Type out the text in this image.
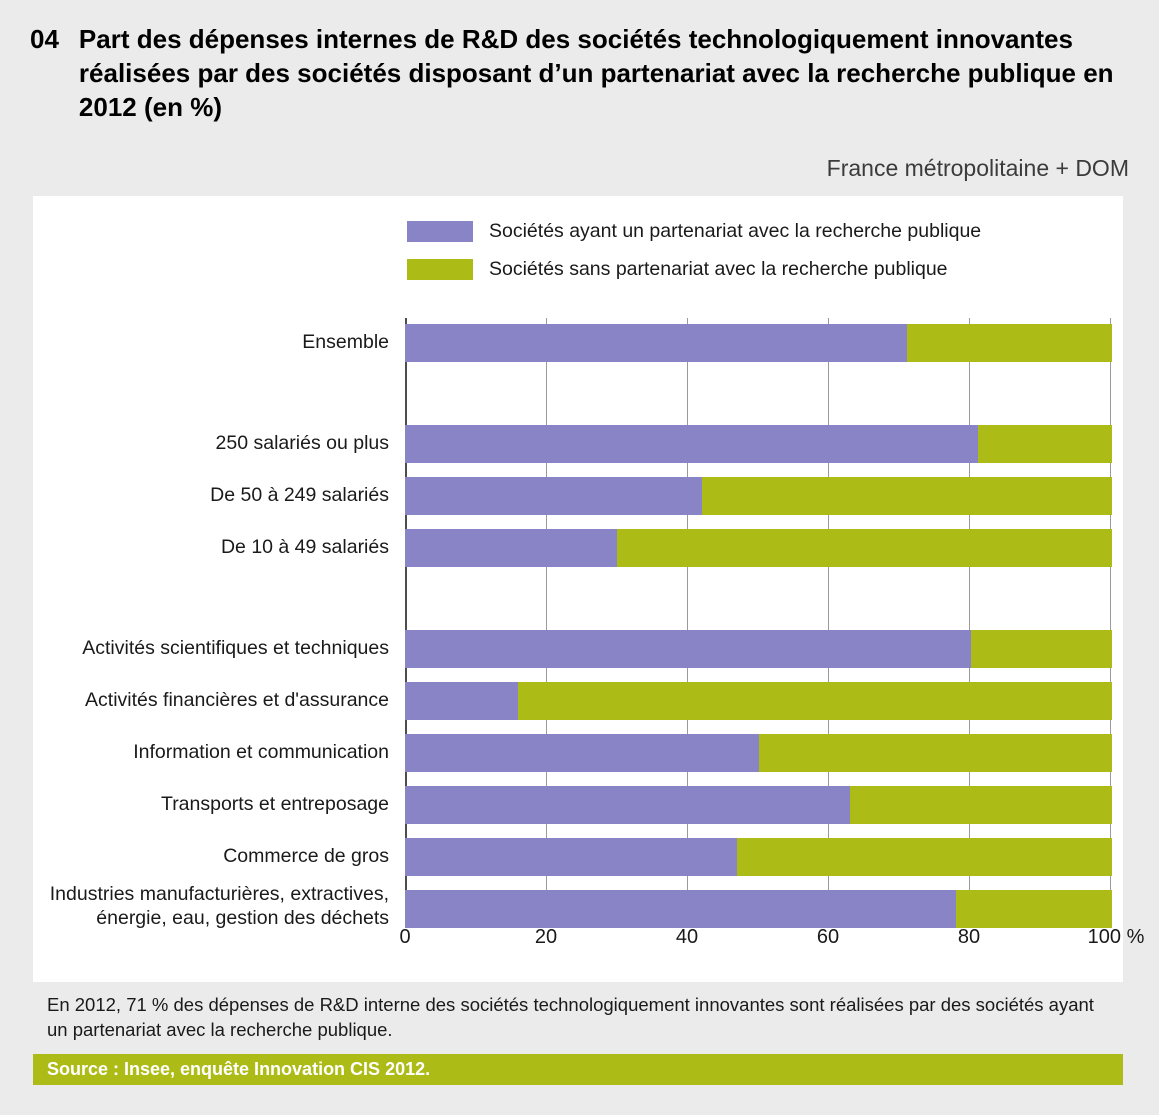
04 Part des dépenses internes de R&D des sociétés technologiquement innovantes réalisées par des sociétés disposant d’un partenariat avec la recherche publique en 2012 (en %)
France métropolitaine + DOM
Sociétés ayant un partenariat avec la recherche publique
Sociétés sans partenariat avec la recherche publique
Ensemble
250 salariés ou plus
De 50 à 249 salariés
De 10 à 49 salariés
Activités scientifiques et techniques
Activités financières et d'assurance
Information et communication
Transports et entreposage
Commerce de gros
Industries manufacturières, extractives, énergie, eau, gestion des déchets
0	20	40	60	80	100 %
En 2012, 71 % des dépenses de R&D interne des sociétés technologiquement innovantes sont réalisées par des sociétés ayant un partenariat avec la recherche publique.
Source : Insee, enquête Innovation CIS 2012.
